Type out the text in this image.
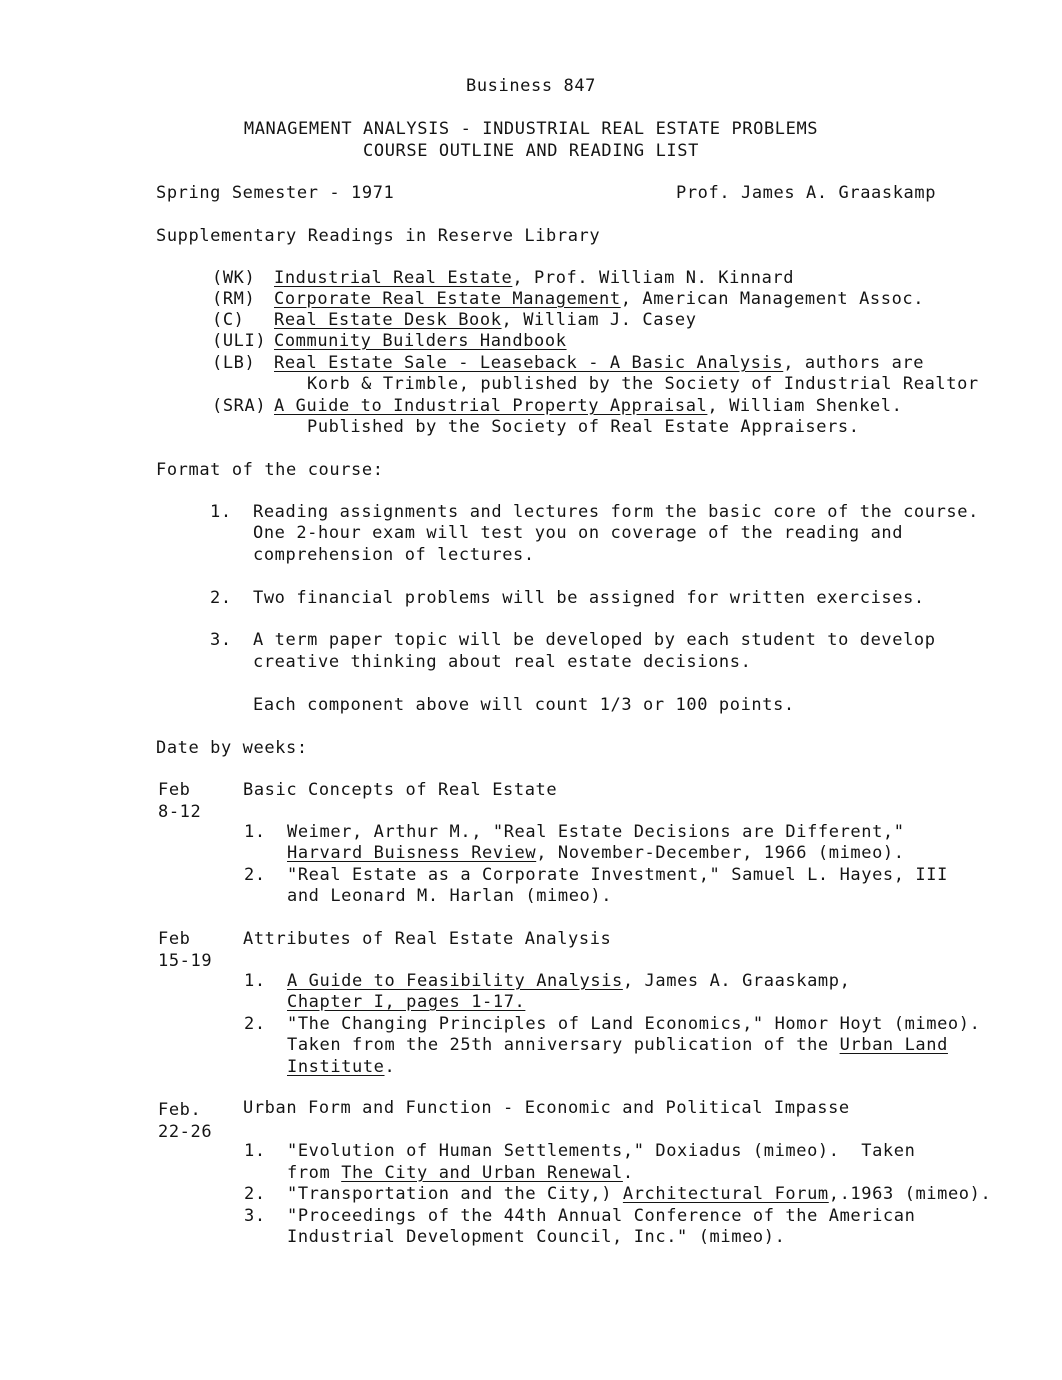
Business 847
MANAGEMENT ANALYSIS - INDUSTRIAL REAL ESTATE PROBLEMS
COURSE OUTLINE AND READING LIST
Spring Semester - 1971	Prof. James A. Graaskamp
Supplementary Readings in Reserve Library
(WK) Industrial Real Estate, Prof. William N. Kinnard
(RM) Corporate Real Estate Management, American Management Assoc.
(C) Real Estate Desk Book, William J. Casey
(ULI) Community Builders Handbook
(LB) Real Estate Sale - Leaseback - A Basic Analysis, authors are
Korb & Trimble, published by the Society of Industrial Realtor
(SRA) A Guide to Industrial Property Appraisal, William Shenkel.
Published by the Society of Real Estate Appraisers.
Format of the course:
1. Reading assignments and lectures form the basic core of the course.
One 2-hour exam will test you on coverage of the reading and
comprehension of lectures.
2. Two financial problems will be assigned for written exercises.
3. A term paper topic will be developed by each student to develop
creative thinking about real estate decisions.
Each component above will count 1/3 or 100 points.
Date by weeks:
Feb
8-12
Basic Concepts of Real Estate
1. Weimer, Arthur M., "Real Estate Decisions are Different,"
Harvard Buisness Review, November-December, 1966 (mimeo).
2. "Real Estate as a Corporate Investment," Samuel L. Hayes, III
and Leonard M. Harlan (mimeo).
Feb
15-19
Attributes of Real Estate Analysis
1. A Guide to Feasibility Analysis, James A. Graaskamp,
Chapter I, pages 1-17.
2. "The Changing Principles of Land Economics," Homor Hoyt (mimeo).
Taken from the 25th anniversary publication of the Urban Land
Institute.
Feb.
22-26
Urban Form and Function - Economic and Political Impasse
1. "Evolution of Human Settlements," Doxiadus (mimeo).  Taken
from The City and Urban Renewal.
2. "Transportation and the City,) Architectural Forum,.1963 (mimeo).
3. "Proceedings of the 44th Annual Conference of the American
Industrial Development Council, Inc." (mimeo).
